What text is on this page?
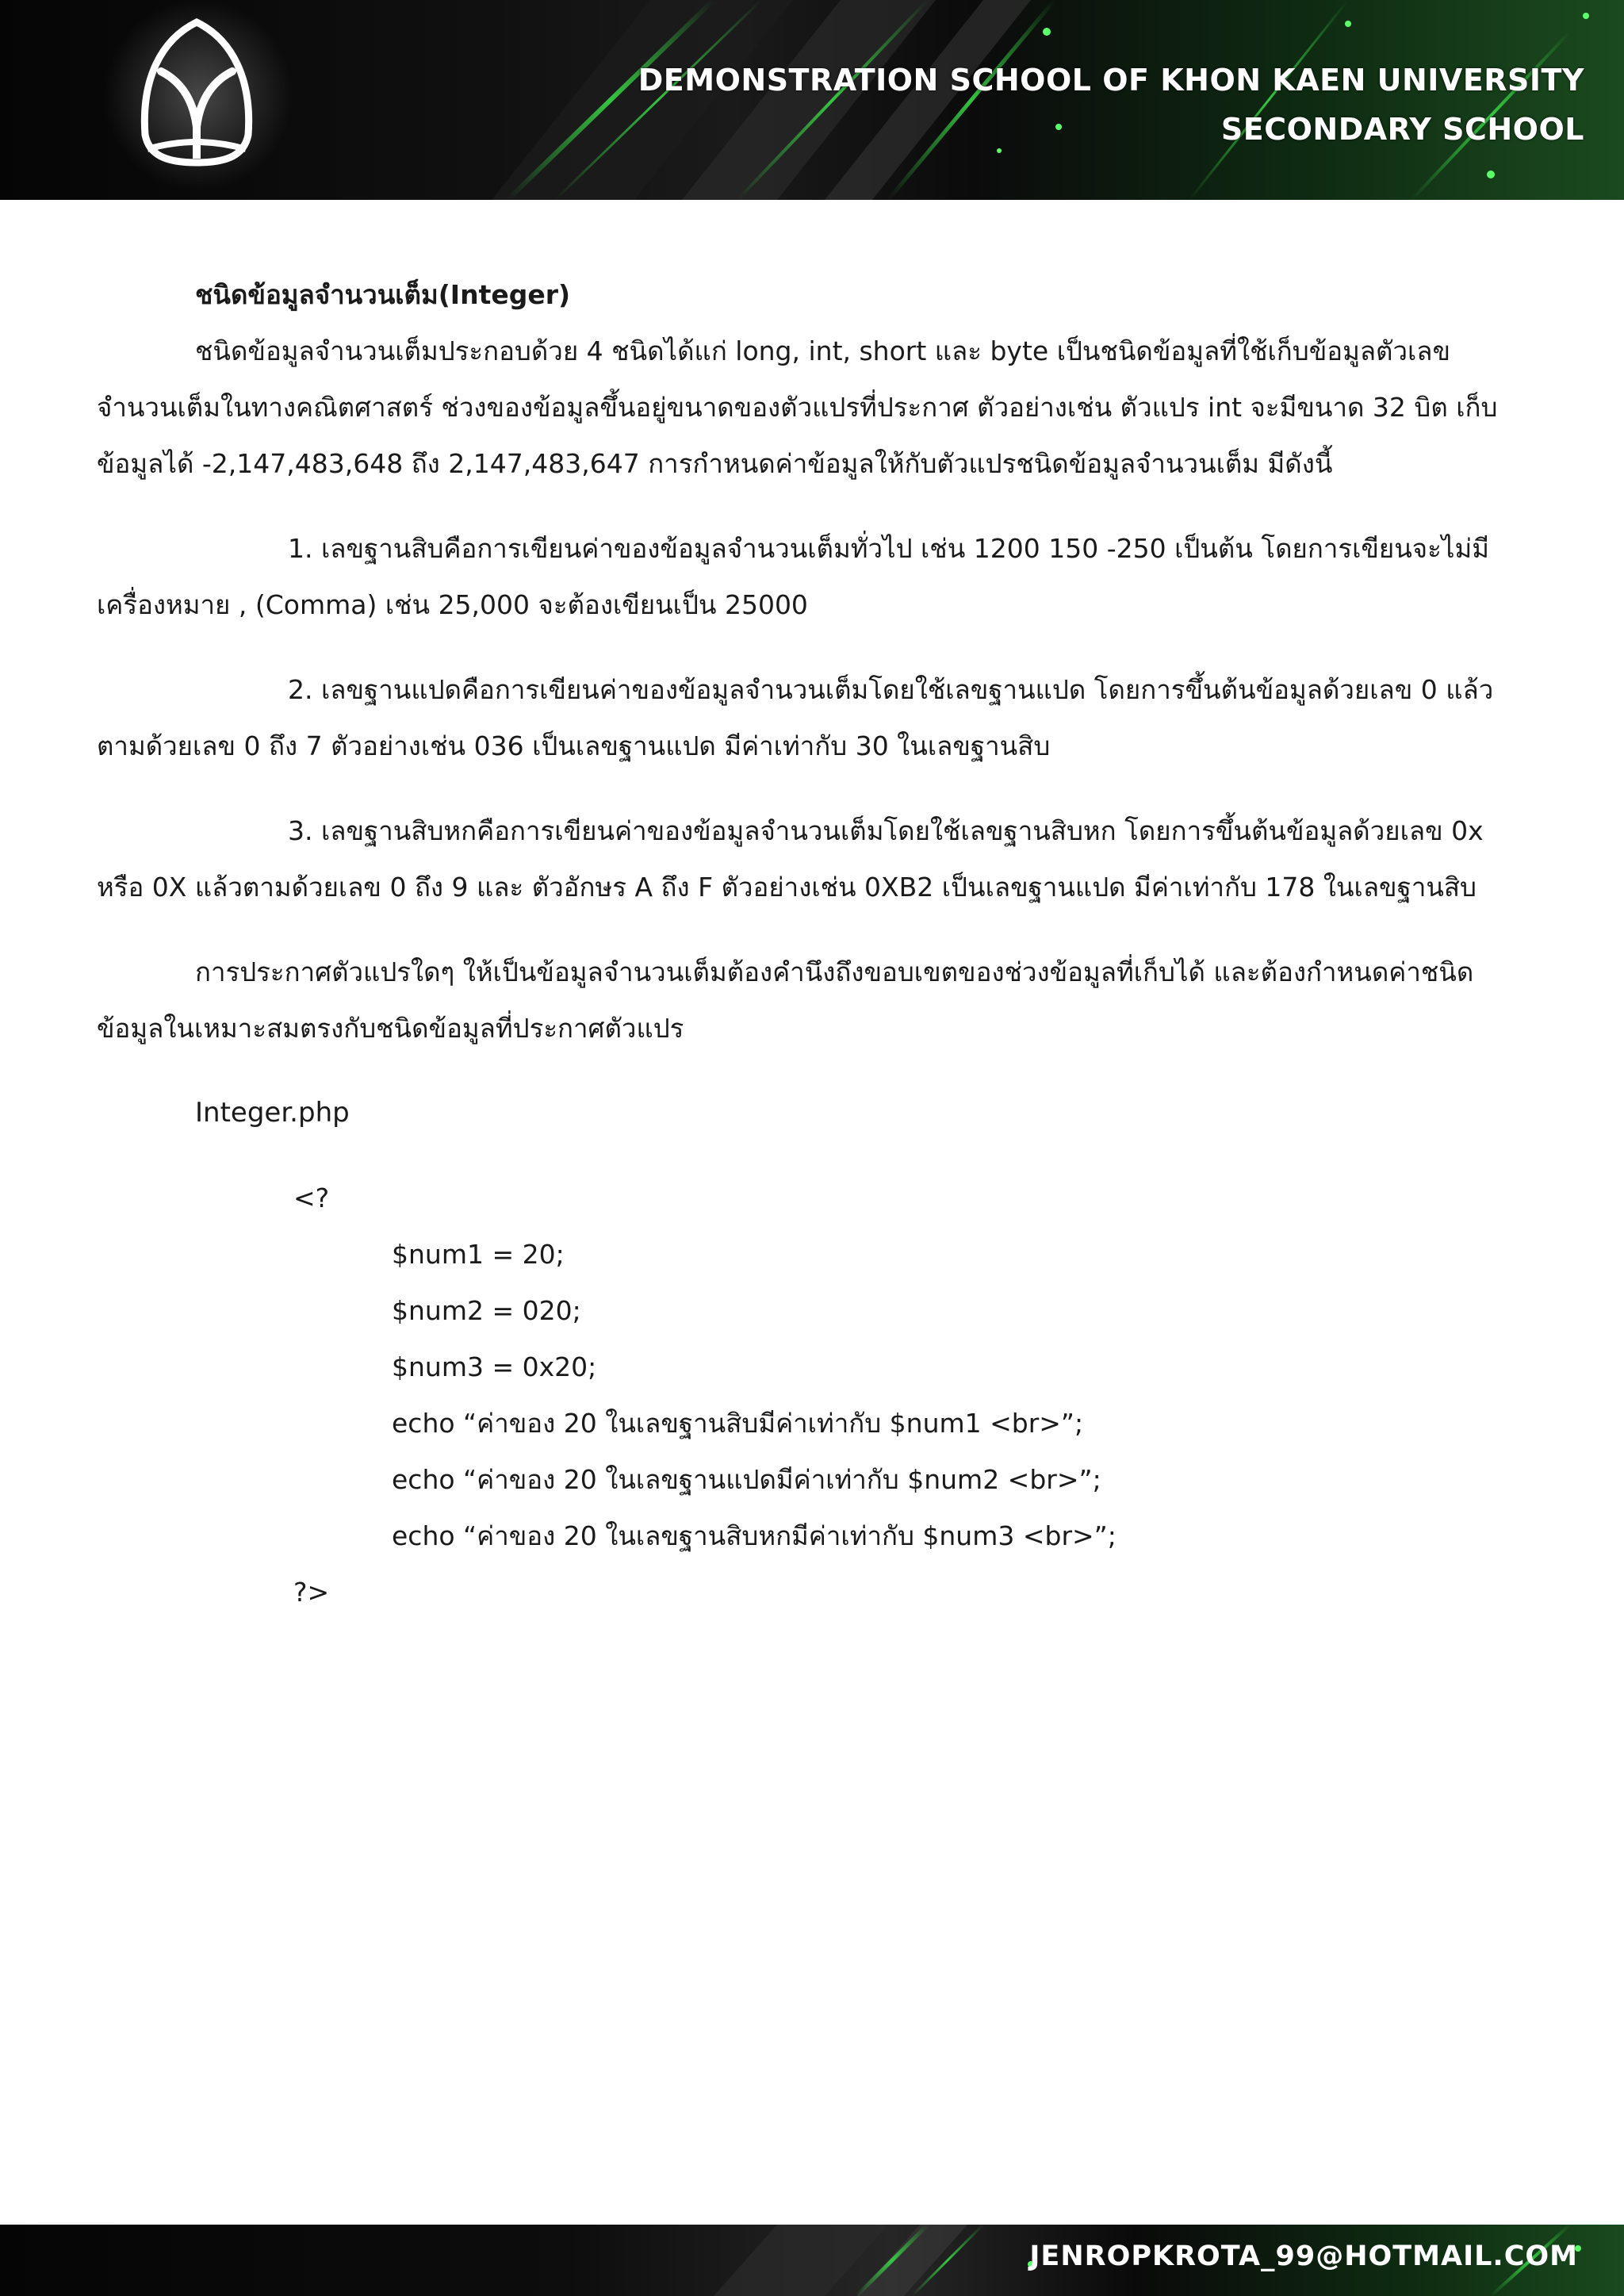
DEMONSTRATION SCHOOL OF KHON KAEN UNIVERSITY
SECONDARY SCHOOL
ชนิดข้อมูลจำนวนเต็ม(Integer)

ชนิดข้อมูลจำนวนเต็มประกอบด้วย 4 ชนิดได้แก่ long, int, short และ byte เป็นชนิดข้อมูลที่ใช้เก็บข้อมูลตัวเลขจำนวนเต็มในทางคณิตศาสตร์ ช่วงของข้อมูลขึ้นอยู่ขนาดของตัวแปรที่ประกาศ ตัวอย่างเช่น ตัวแปร int จะมีขนาด 32 บิต เก็บข้อมูลได้ -2,147,483,648 ถึง 2,147,483,647 การกำหนดค่าข้อมูลให้กับตัวแปรชนิดข้อมูลจำนวนเต็ม มีดังนี้

1. เลขฐานสิบคือการเขียนค่าของข้อมูลจำนวนเต็มทั่วไป เช่น 1200 150 -250 เป็นต้น โดยการเขียนจะไม่มีเครื่องหมาย , (Comma) เช่น 25,000 จะต้องเขียนเป็น 25000

2. เลขฐานแปดคือการเขียนค่าของข้อมูลจำนวนเต็มโดยใช้เลขฐานแปด โดยการขึ้นต้นข้อมูลด้วยเลข 0 แล้วตามด้วยเลข 0 ถึง 7 ตัวอย่างเช่น 036 เป็นเลขฐานแปด มีค่าเท่ากับ 30 ในเลขฐานสิบ

3. เลขฐานสิบหกคือการเขียนค่าของข้อมูลจำนวนเต็มโดยใช้เลขฐานสิบหก โดยการขึ้นต้นข้อมูลด้วยเลข 0x หรือ 0X แล้วตามด้วยเลข 0 ถึง 9 และ ตัวอักษร A ถึง F ตัวอย่างเช่น 0XB2 เป็นเลขฐานแปด มีค่าเท่ากับ 178 ในเลขฐานสิบ

การประกาศตัวแปรใดๆ ให้เป็นข้อมูลจำนวนเต็มต้องคำนึงถึงขอบเขตของช่วงข้อมูลที่เก็บได้ และต้องกำหนดค่าชนิดข้อมูลในเหมาะสมตรงกับชนิดข้อมูลที่ประกาศตัวแปร

Integer.php
<?
$num1 = 20;
$num2 = 020;
$num3 = 0x20;
echo “ค่าของ 20 ในเลขฐานสิบมีค่าเท่ากับ $num1 <br>”;
echo “ค่าของ 20 ในเลขฐานแปดมีค่าเท่ากับ $num2 <br>”;
echo “ค่าของ 20 ในเลขฐานสิบหกมีค่าเท่ากับ $num3 <br>”;
?>
JENROPKROTA_99@HOTMAIL.COM
